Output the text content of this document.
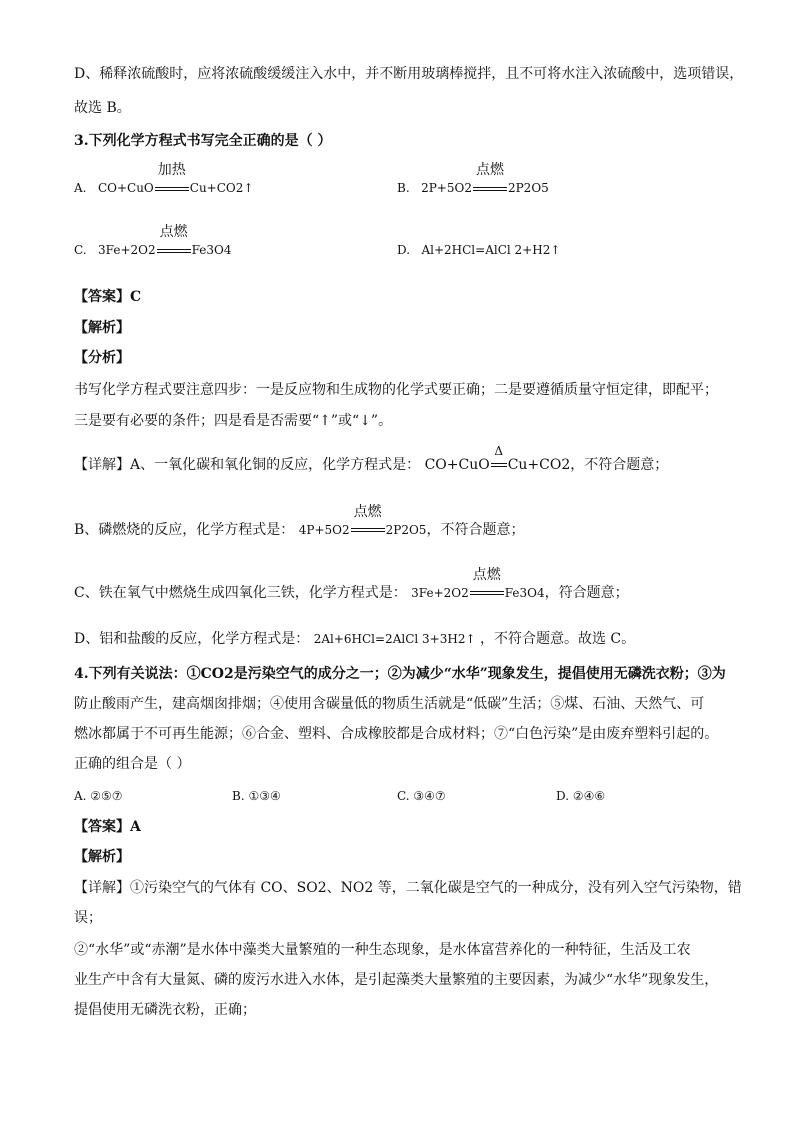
D、稀释浓硫酸时，应将浓硫酸缓缓注入水中，并不断用玻璃棒搅拌，且不可将水注入浓硫酸中，选项错误，
故选 B。
3.下列化学方程式书写完全正确的是（ ）
A. CO+CuO
加热
Cu+CO2↑	B. 2P+5O2
点燃
2P2O5
C. 3Fe+2O2
点燃
Fe3O4	D. Al+2HCl=AlCl 2+H2↑
【答案】C
【解析】
【分析】
书写化学方程式要注意四步：一是反应物和生成物的化学式要正确；二是要遵循质量守恒定律，即配平；
三是要有必要的条件；四是看是否需要“↑”或“↓”。
【详解】A、一氧化碳和氧化铜的反应，化学方程式是： CO+CuO
Δ
Cu+CO2，不符合题意；
B、磷燃烧的反应，化学方程式是： 4P+5O2
点燃
2P2O5，不符合题意；
C、铁在氧气中燃烧生成四氧化三铁，化学方程式是： 3Fe+2O2
点燃
Fe3O4，符合题意；
D、铝和盐酸的反应，化学方程式是： 2Al+6HCl=2AlCl 3+3H2↑ ，不符合题意。故选 C。
4.下列有关说法：①CO2是污染空气的成分之一；②为减少“水华”现象发生，提倡使用无磷洗衣粉；③为
防止酸雨产生，建高烟囱排烟；④使用含碳量低的物质生活就是“低碳”生活；⑤煤、石油、天然气、可
燃冰都属于不可再生能源；⑥合金、塑料、合成橡胶都是合成材料；⑦“白色污染”是由废弃塑料引起的。
正确的组合是（ ）
A. ②⑤⑦	B. ①③④	C. ③④⑦	D. ②④⑥
【答案】A
【解析】
【详解】①污染空气的气体有 CO、SO2、NO2 等，二氧化碳是空气的一种成分，没有列入空气污染物，错
误；
②“水华”或“赤潮”是水体中藻类大量繁殖的一种生态现象，是水体富营养化的一种特征，生活及工农
业生产中含有大量氮、磷的废污水进入水体，是引起藻类大量繁殖的主要因素，为减少“水华”现象发生，
提倡使用无磷洗衣粉，正确；
